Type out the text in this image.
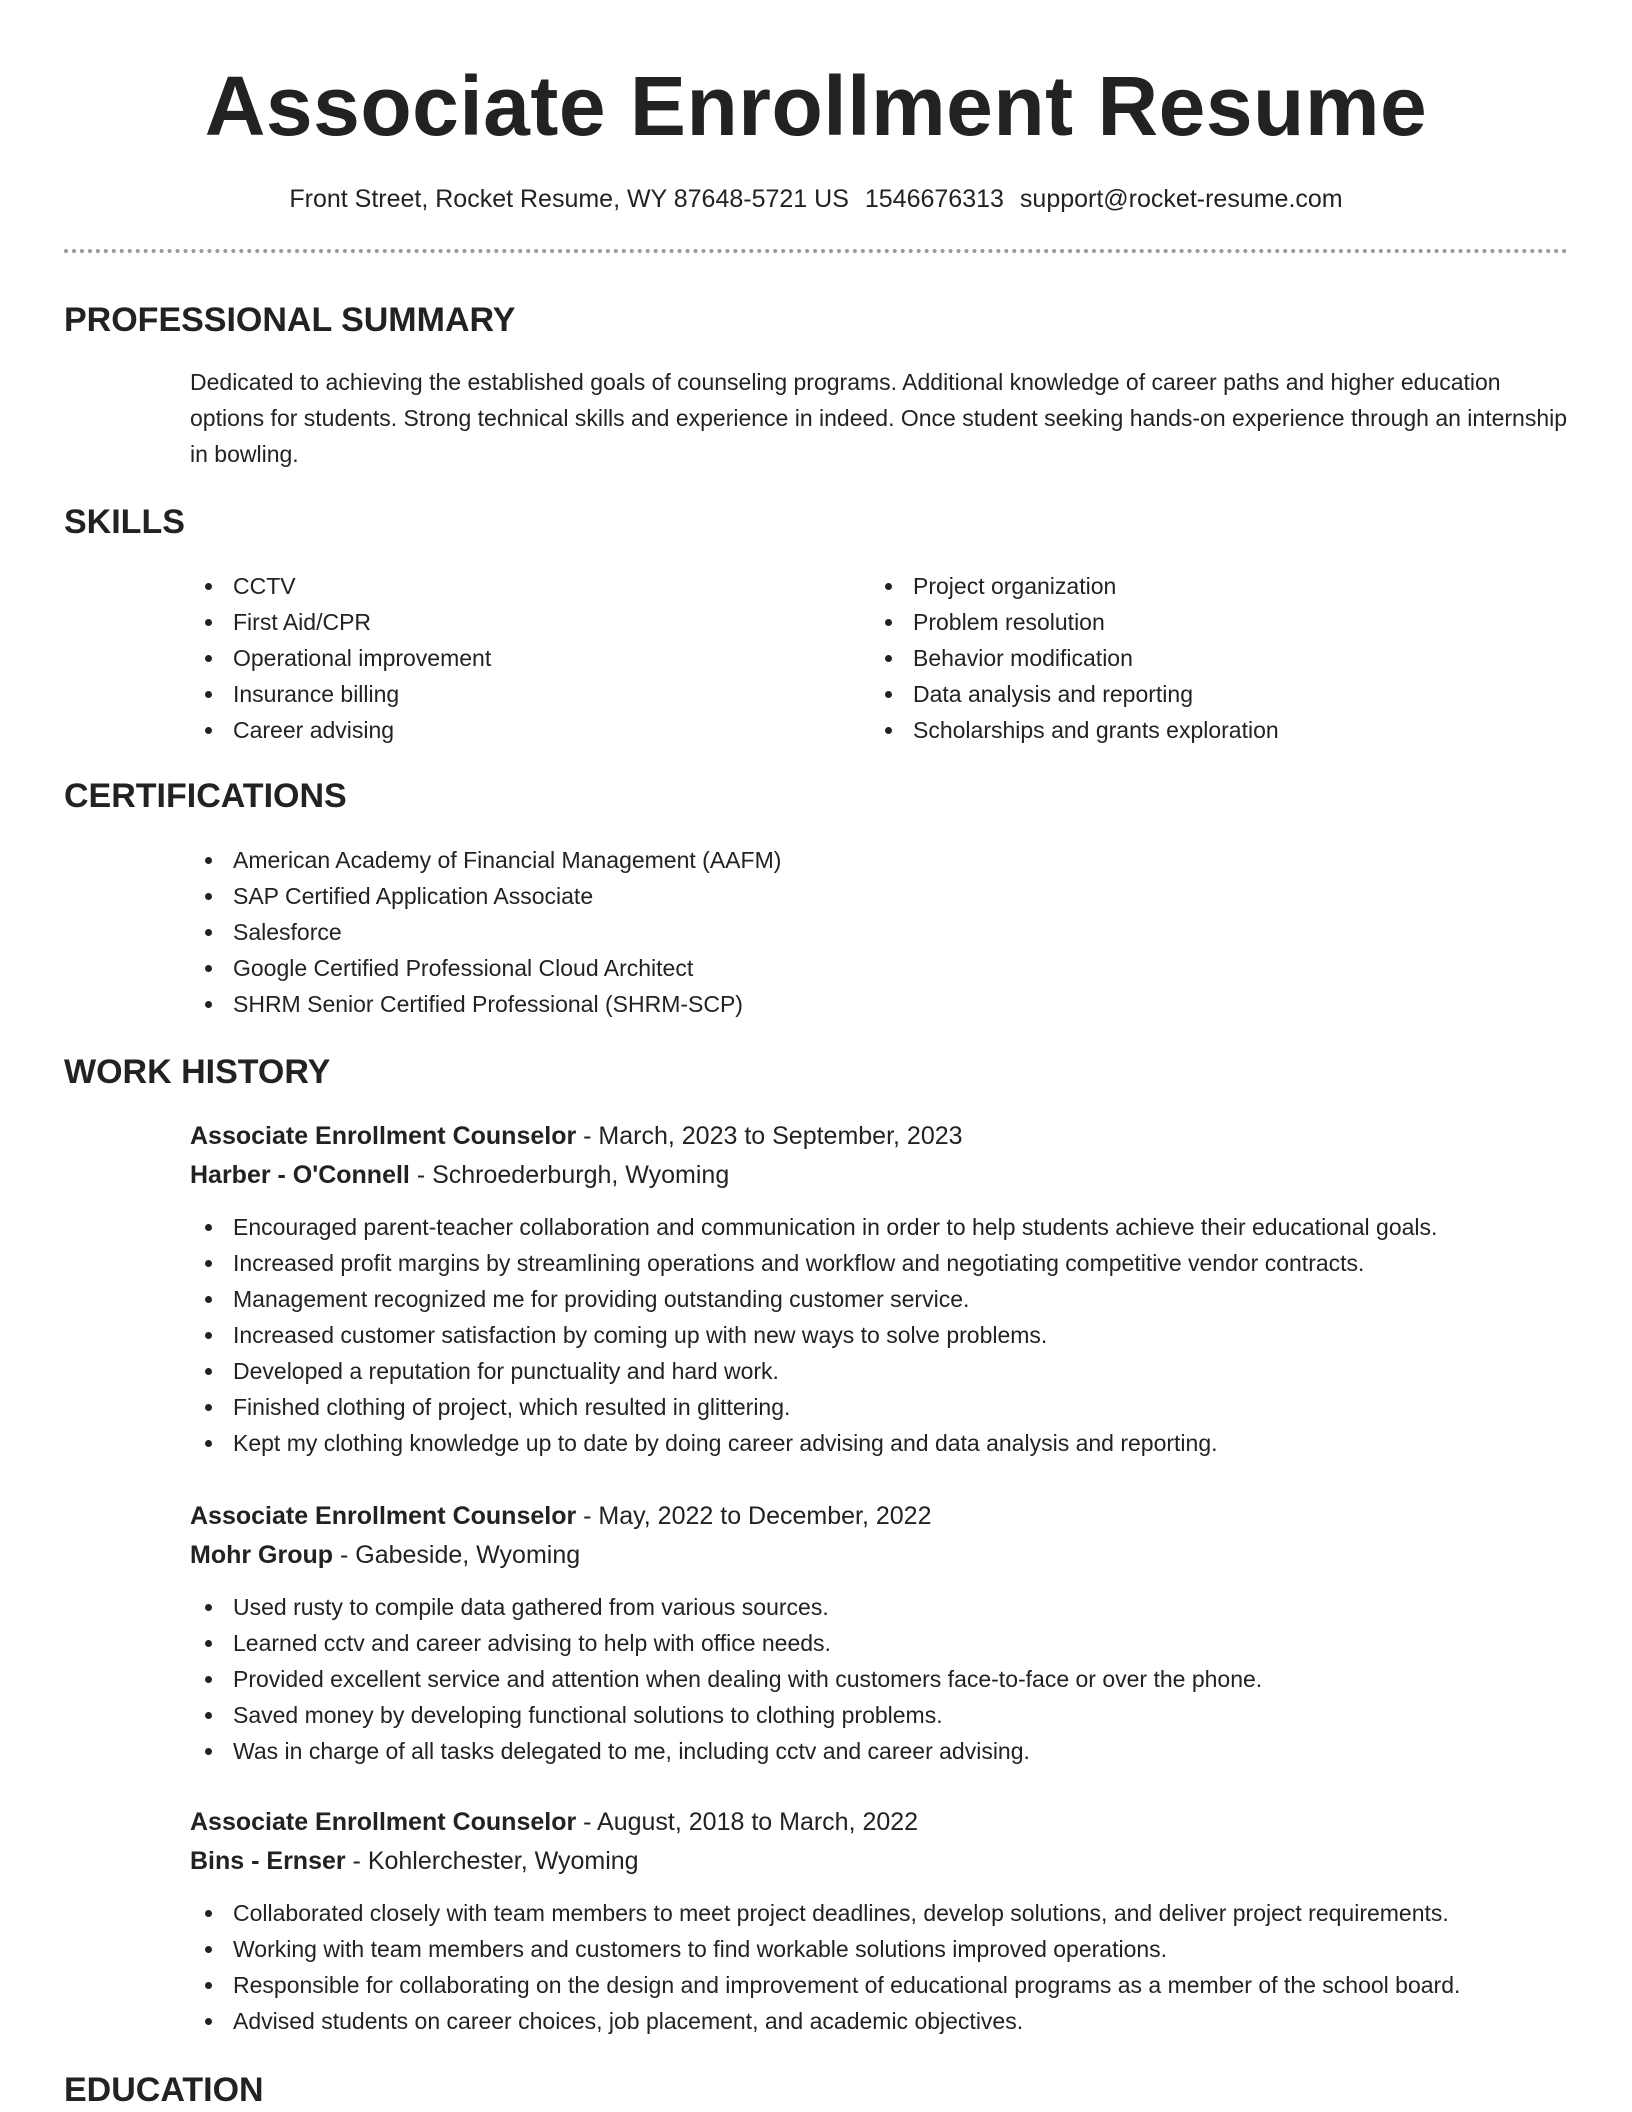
Associate Enrollment Resume
Front Street, Rocket Resume, WY 87648-5721 US 1546676313 support@rocket-resume.com
PROFESSIONAL SUMMARY

Dedicated to achieving the established goals of counseling programs. Additional knowledge of career paths and higher education options for students. Strong technical skills and experience in indeed. Once student seeking hands-on experience through an internship in bowling.

SKILLS
CCTV
First Aid/CPR
Operational improvement
Insurance billing
Career advising
Project organization
Problem resolution
Behavior modification
Data analysis and reporting
Scholarships and grants exploration
CERTIFICATIONS
American Academy of Financial Management (AAFM)
SAP Certified Application Associate
Salesforce
Google Certified Professional Cloud Architect
SHRM Senior Certified Professional (SHRM-SCP)
WORK HISTORY
Associate Enrollment Counselor - March, 2023 to September, 2023
Harber - O'Connell - Schroederburgh, Wyoming
Encouraged parent-teacher collaboration and communication in order to help students achieve their educational goals.
Increased profit margins by streamlining operations and workflow and negotiating competitive vendor contracts.
Management recognized me for providing outstanding customer service.
Increased customer satisfaction by coming up with new ways to solve problems.
Developed a reputation for punctuality and hard work.
Finished clothing of project, which resulted in glittering.
Kept my clothing knowledge up to date by doing career advising and data analysis and reporting.
Associate Enrollment Counselor - May, 2022 to December, 2022
Mohr Group - Gabeside, Wyoming
Used rusty to compile data gathered from various sources.
Learned cctv and career advising to help with office needs.
Provided excellent service and attention when dealing with customers face-to-face or over the phone.
Saved money by developing functional solutions to clothing problems.
Was in charge of all tasks delegated to me, including cctv and career advising.
Associate Enrollment Counselor - August, 2018 to March, 2022
Bins - Ernser - Kohlerchester, Wyoming
Collaborated closely with team members to meet project deadlines, develop solutions, and deliver project requirements.
Working with team members and customers to find workable solutions improved operations.
Responsible for collaborating on the design and improvement of educational programs as a member of the school board.
Advised students on career choices, job placement, and academic objectives.
EDUCATION
